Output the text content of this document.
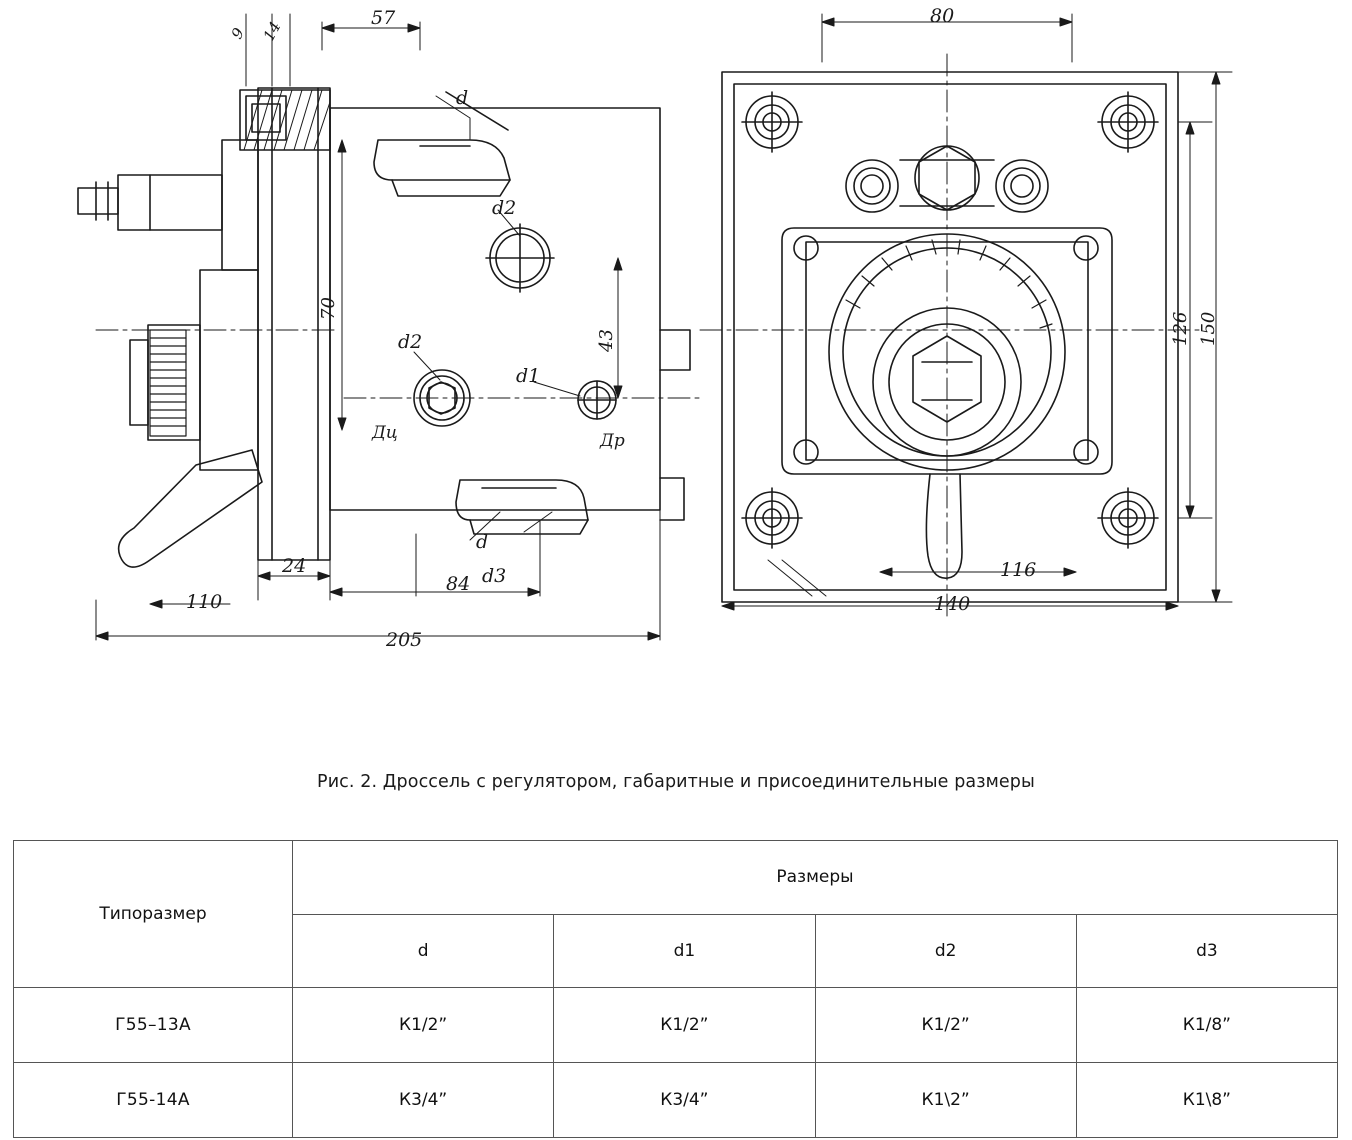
57
9 14
d
d2
d2
d1
d
d3
70
43
Дц	Др
110
24
84
205
80
126 150
116
140
Рис. 2. Дроссель с регулятором, габаритные и присоединительные размеры
Типоразмер	Размеры			
	d	d1	d2	d3
Г55–13А	К1/2”	К1/2”	К1/2”	К1/8”
Г55-14А	К3/4”	К3/4”	К1\2”	К1\8”
